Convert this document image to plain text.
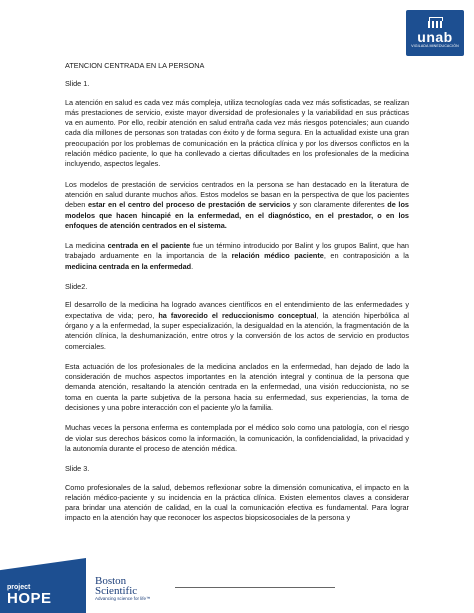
unab
VIGILADA MINEDUCACIÓN

ATENCION CENTRADA EN LA PERSONA

Slide 1.

La atención en salud es cada vez más compleja, utiliza tecnologías cada vez más sofisticadas, se realizan más prestaciones de servicio, existe mayor diversidad de profesionales y la variabilidad en sus prácticas va en aumento. Por ello, recibir atención en salud entraña cada vez más riesgos potenciales; aun cuando cada día millones de personas son tratadas con éxito y de forma segura. En la actualidad existe una gran preocupación por los problemas de comunicación en la práctica clínica y por los diversos conflictos en la relación médico paciente, lo que ha conllevado a ciertas dificultades en los profesionales de la medicina incluyendo, aspectos legales.

Los modelos de prestación de servicios centrados en la persona se han destacado en la literatura de atención en salud durante muchos años. Estos modelos se basan en la perspectiva de que los pacientes deben estar en el centro del proceso de prestación de servicios y son claramente diferentes de los modelos que hacen hincapié en la enfermedad, en el diagnóstico, en el prestador, o en los enfoques de atención centrados en el sistema.

La medicina centrada en el paciente fue un término introducido por Balint y los grupos Balint, que han trabajado arduamente en la importancia de la relación médico paciente, en contraposición a la medicina centrada en la enfermedad.

Slide2.

El desarrollo de la medicina ha logrado avances científicos en el entendimiento de las enfermedades y expectativa de vida; pero, ha favorecido el reduccionismo conceptual, la atención hiperbólica al órgano y a la enfermedad, la super especialización, la desigualdad en la atención, la fragmentación de la atención clínica, la deshumanización, entre otros y la conversión de los actos de servicio en productos comerciales.

Esta actuación de los profesionales de la medicina anclados en la enfermedad, han dejado de lado la consideración de muchos aspectos importantes en la atención integral y continua de la persona que demanda atención, resaltando la atención centrada en la enfermedad, una visión reduccionista, no se toma en cuenta la parte subjetiva de la persona hacia su enfermedad, sus experiencias, la toma de decisiones y una pobre interacción con el paciente y/o la familia.

Muchas veces la persona enferma es contemplada por el médico solo como una patología, con el riesgo de violar sus derechos básicos como la información, la comunicación, la confidencialidad, la privacidad y la autonomía durante el proceso de atención médica.

Slide 3.

Como profesionales de la salud, debemos reflexionar sobre la dimensión comunicativa, el impacto en la relación médico-paciente y su incidencia en la práctica clínica. Existen elementos claves a considerar para brindar una atención de calidad, en la cual la comunicación efectiva es fundamental. Para lograr impacto en la atención hay que reconocer los aspectos biopsicosociales de la persona y

project
HOPE
Boston
Scientific
Advancing science for life™
